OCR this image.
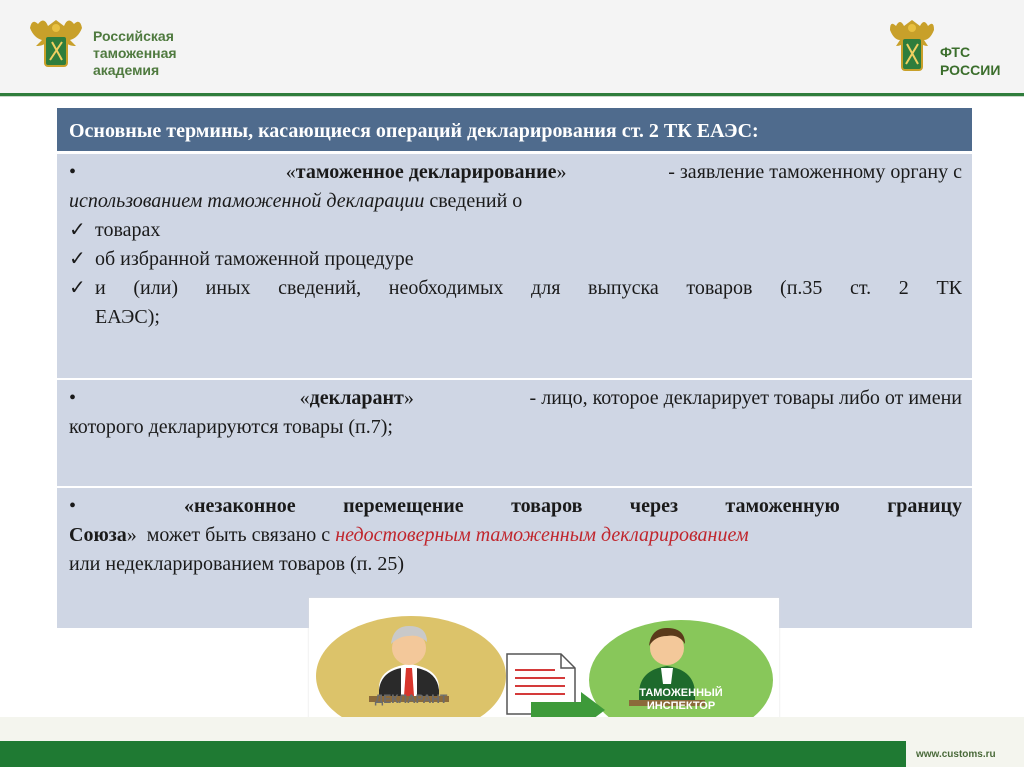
Российская
таможенная
академия
ФТС
РОССИИ
Основные термины, касающиеся операций декларирования ст. 2 ТК ЕАЭС:
•	«таможенное декларирование»	- заявление таможенному органу с
использованием таможенной декларации сведений о
✓ товарах
✓ об избранной таможенной процедуре
✓ и (или) иных сведений, необходимых для выпуска товаров (п.35 ст. 2 ТК
ЕАЭС);
•	«декларант»	- лицо, которое декларирует товары либо от имени
которого декларируются товары (п.7);
•	«незаконное перемещение товаров через таможенную границу
Союза»  может быть связано с недостоверным таможенным декларированием
или недекларированием товаров (п. 25)
ДЕКЛАРАНТ	ТАМОЖЕННЫЙ
ИНСПЕКТОР
www.customs.ru
